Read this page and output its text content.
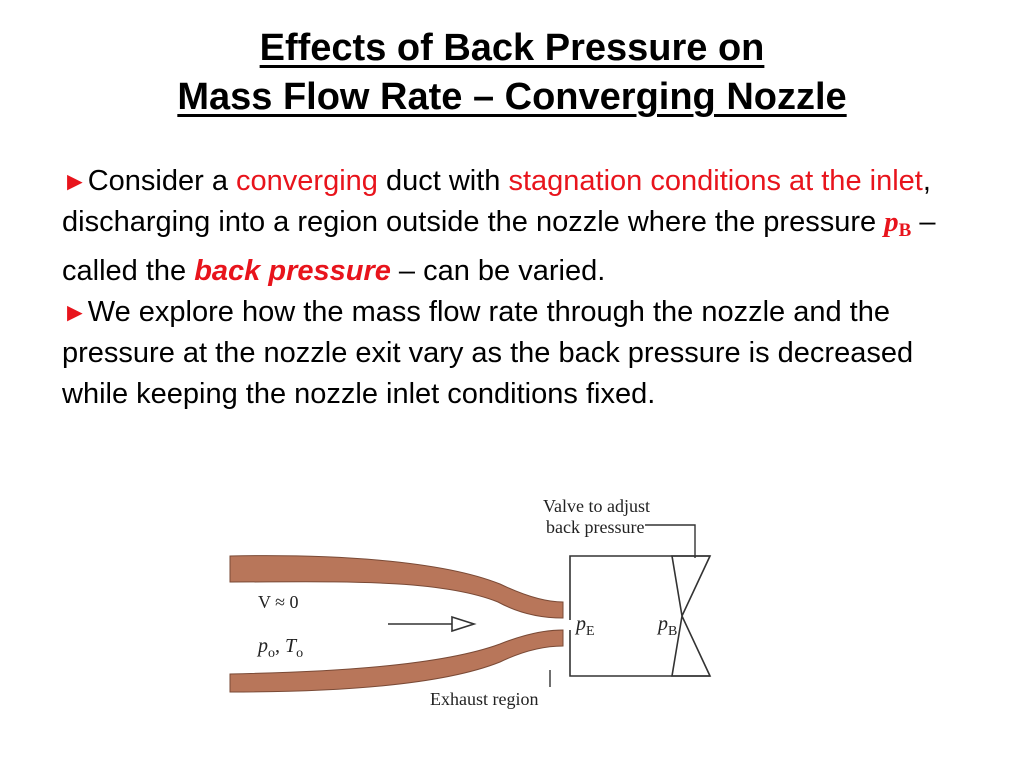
Effects of Back Pressure on
Mass Flow Rate – Converging Nozzle
►Consider a converging duct with stagnation conditions at the inlet, discharging into a region outside the nozzle where the pressure $p_B$ – called the back pressure – can be varied.
►We explore how the mass flow rate through the nozzle and the pressure at the nozzle exit vary as the back pressure is decreased while keeping the nozzle inlet conditions fixed.
Valve to adjust
back pressure
V ≈ 0
$p_o$, $T_o$
$p_E$	$p_B$
Exhaust region
